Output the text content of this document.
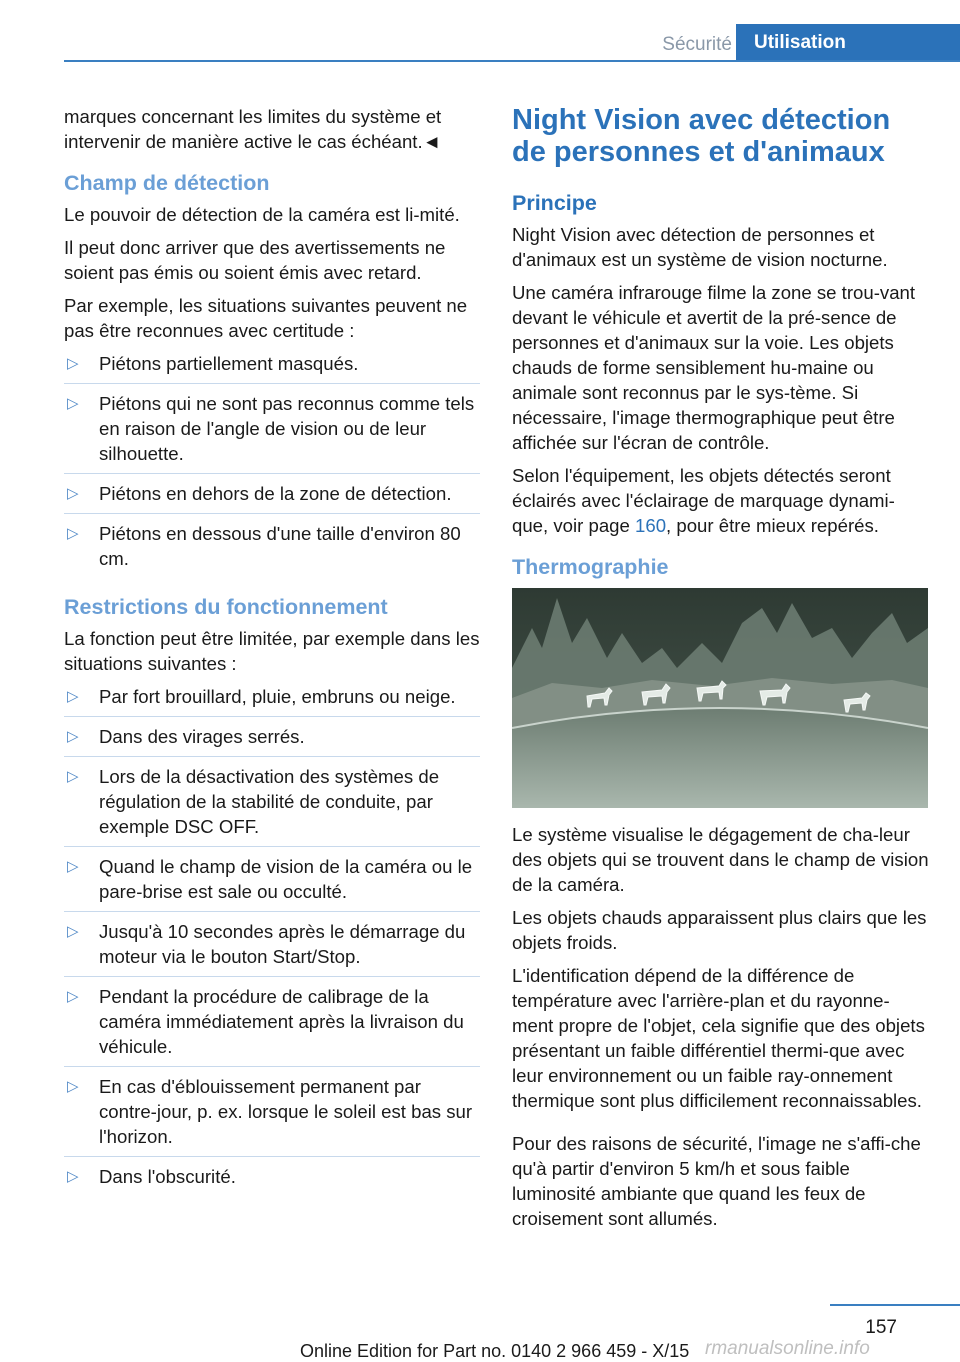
Sécurité	Utilisation

marques concernant les limites du système et intervenir de manière active le cas échéant.◄

Champ de détection

Le pouvoir de détection de la caméra est li-mité.

Il peut donc arriver que des avertissements ne soient pas émis ou soient émis avec retard.

Par exemple, les situations suivantes peuvent ne pas être reconnues avec certitude :

▷ Piétons partiellement masqués.
▷ Piétons qui ne sont pas reconnus comme tels en raison de l'angle de vision ou de leur silhouette.
▷ Piétons en dehors de la zone de détection.
▷ Piétons en dessous d'une taille d'environ 80 cm.
Restrictions du fonctionnement

La fonction peut être limitée, par exemple dans les situations suivantes :

▷ Par fort brouillard, pluie, embruns ou neige.
▷ Dans des virages serrés.
▷ Lors de la désactivation des systèmes de régulation de la stabilité de conduite, par exemple DSC OFF.
▷ Quand le champ de vision de la caméra ou le pare-brise est sale ou occulté.
▷ Jusqu'à 10 secondes après le démarrage du moteur via le bouton Start/Stop.
▷ Pendant la procédure de calibrage de la caméra immédiatement après la livraison du véhicule.
▷ En cas d'éblouissement permanent par contre-jour, p. ex. lorsque le soleil est bas sur l'horizon.
▷ Dans l'obscurité.
Night Vision avec détection de personnes et d'animaux
Principe

Night Vision avec détection de personnes et d'animaux est un système de vision nocturne.

Une caméra infrarouge filme la zone se trou-vant devant le véhicule et avertit de la pré-sence de personnes et d'animaux sur la voie. Les objets chauds de forme sensiblement hu-maine ou animale sont reconnus par le sys-tème. Si nécessaire, l'image thermographique peut être affichée sur l'écran de contrôle.

Selon l'équipement, les objets détectés seront éclairés avec l'éclairage de marquage dynami-que, voir page 160, pour être mieux repérés.

Thermographie

Le système visualise le dégagement de cha-leur des objets qui se trouvent dans le champ de vision de la caméra.

Les objets chauds apparaissent plus clairs que les objets froids.

L'identification dépend de la différence de température avec l'arrière-plan et du rayonne-ment propre de l'objet, cela signifie que des objets présentant un faible différentiel thermi-que avec leur environnement ou un faible ray-onnement thermique sont plus difficilement reconnaissables.

Pour des raisons de sécurité, l'image ne s'affi-che qu'à partir d'environ 5 km/h et sous faible luminosité ambiante que quand les feux de croisement sont allumés.

157
Online Edition for Part no. 0140 2 966 459 - X/15 rmanualsonline.info
